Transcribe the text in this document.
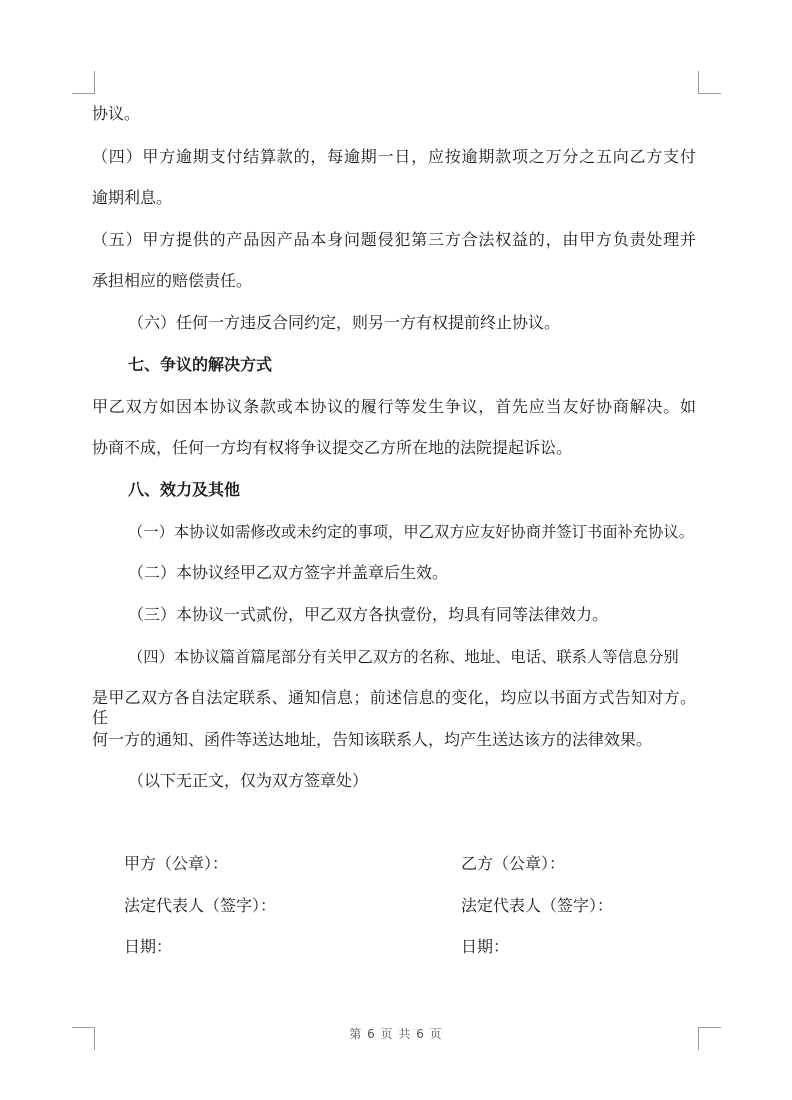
协议。
（四）甲方逾期支付结算款的，每逾期一日，应按逾期款项之万分之五向乙方支付
逾期利息。
（五）甲方提供的产品因产品本身问题侵犯第三方合法权益的，由甲方负责处理并
承担相应的赔偿责任。
（六）任何一方违反合同约定，则另一方有权提前终止协议。
七、争议的解决方式
甲乙双方如因本协议条款或本协议的履行等发生争议，首先应当友好协商解决。如
协商不成，任何一方均有权将争议提交乙方所在地的法院提起诉讼。
八、效力及其他
（一）本协议如需修改或未约定的事项，甲乙双方应友好协商并签订书面补充协议。
（二）本协议经甲乙双方签字并盖章后生效。
（三）本协议一式贰份，甲乙双方各执壹份，均具有同等法律效力。
（四）本协议篇首篇尾部分有关甲乙双方的名称、地址、电话、联系人等信息分别
是甲乙双方各自法定联系、通知信息；前述信息的变化，均应以书面方式告知对方。任
何一方的通知、函件等送达地址，告知该联系人，均产生送达该方的法律效果。
（以下无正文，仅为双方签章处）
甲方（公章）：	乙方（公章）：
法定代表人（签字）：	法定代表人（签字）：
日期：	日期：
第 6 页 共 6 页
